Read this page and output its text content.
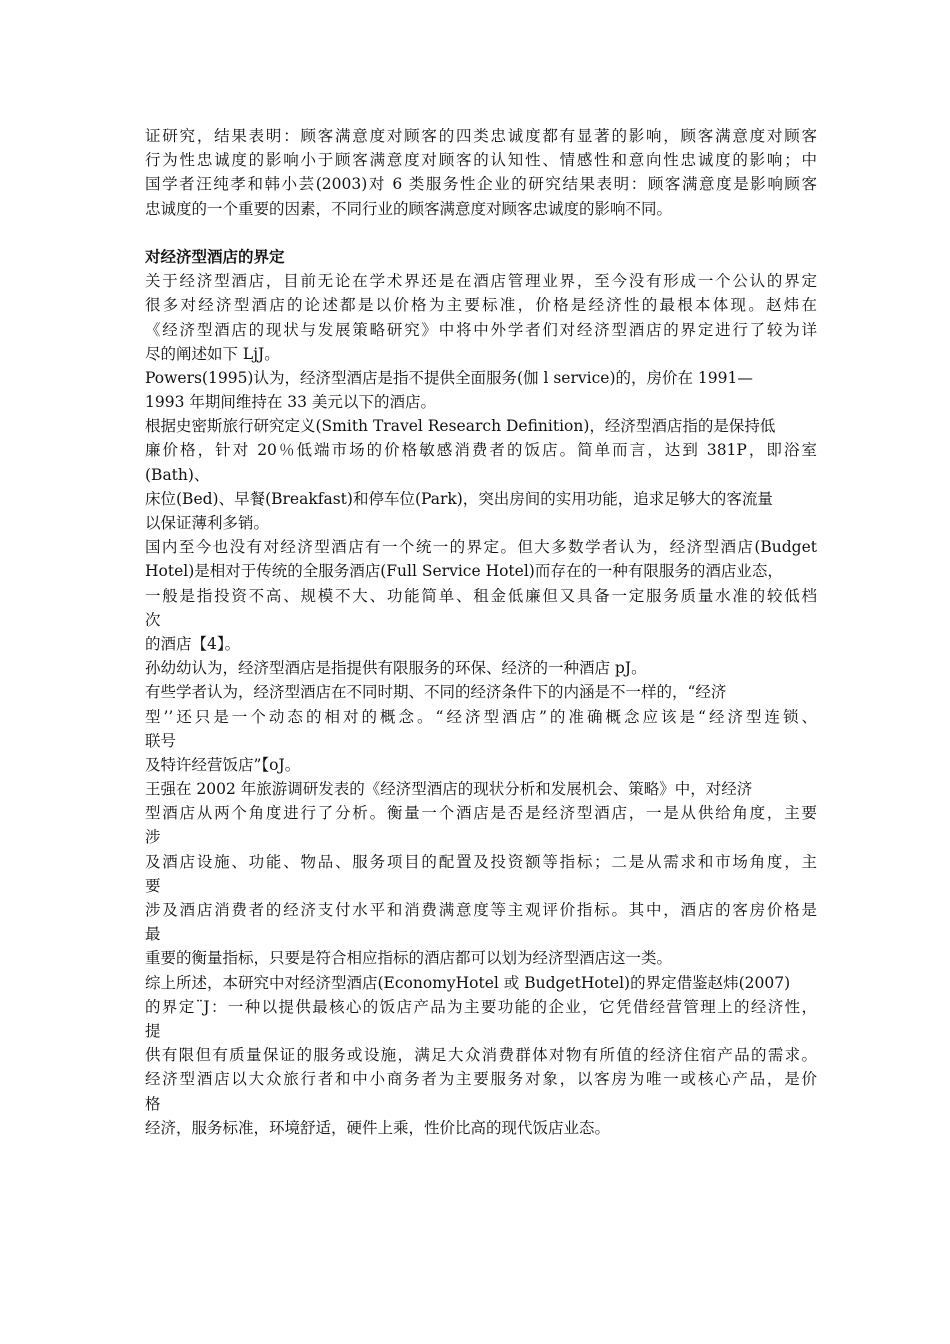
证研究，结果表明：顾客满意度对顾客的四类忠诚度都有显著的影响，顾客满意度对顾客

行为性忠诚度的影响小于顾客满意度对顾客的认知性、情感性和意向性忠诚度的影响；中

国学者汪纯孝和韩小芸(2003)对 6 类服务性企业的研究结果表明：顾客满意度是影响顾客

忠诚度的一个重要的因素，不同行业的顾客满意度对顾客忠诚度的影响不同。

对经济型酒店的界定

关于经济型酒店，目前无论在学术界还是在酒店管理业界，至今没有形成一个公认的界定

很多对经济型酒店的论述都是以价格为主要标准，价格是经济性的最根本体现。赵炜在

《经济型酒店的现状与发展策略研究》中将中外学者们对经济型酒店的界定进行了较为详

尽的阐述如下 LjJ。

Powers(1995)认为，经济型酒店是指不提供全面服务(伽 l service)的，房价在 1991—

1993 年期间维持在 33 美元以下的酒店。

根据史密斯旅行研究定义(Smith Travel Research Definition)，经济型酒店指的是保持低

廉价格，针对 20％低端市场的价格敏感消费者的饭店。简单而言，达到 381P，即浴室

(Bath)、

床位(Bed)、早餐(Breakfast)和停车位(Park)，突出房间的实用功能，追求足够大的客流量

以保证薄利多销。

国内至今也没有对经济型酒店有一个统一的界定。但大多数学者认为，经济型酒店(Budget

Hotel)是相对于传统的全服务酒店(Full Service Hotel)而存在的一种有限服务的酒店业态，

一般是指投资不高、规模不大、功能简单、租金低廉但又具备一定服务质量水准的较低档

次

的酒店【4】。

孙幼幼认为，经济型酒店是指提供有限服务的环保、经济的一种酒店 pJ。

有些学者认为，经济型酒店在不同时期、不同的经济条件下的内涵是不一样的，“经济

型’’还只是一个动态的相对的概念。“经济型酒店”的准确概念应该是“经济型连锁、

联号

及特许经营饭店”【oJ。

王强在 2002 年旅游调研发表的《经济型酒店的现状分析和发展机会、策略》中，对经济

型酒店从两个角度进行了分析。衡量一个酒店是否是经济型酒店，一是从供给角度，主要

涉

及酒店设施、功能、物品、服务项目的配置及投资额等指标；二是从需求和市场角度，主

要

涉及酒店消费者的经济支付水平和消费满意度等主观评价指标。其中，酒店的客房价格是

最

重要的衡量指标，只要是符合相应指标的酒店都可以划为经济型酒店这一类。

综上所述，本研究中对经济型酒店(EconomyHotel 或 BudgetHotel)的界定借鉴赵炜(2007)

的界定¨J：一种以提供最核心的饭店产品为主要功能的企业，它凭借经营管理上的经济性，

提

供有限但有质量保证的服务或设施，满足大众消费群体对物有所值的经济住宿产品的需求。

经济型酒店以大众旅行者和中小商务者为主要服务对象，以客房为唯一或核心产品，是价

格

经济，服务标准，环境舒适，硬件上乘，性价比高的现代饭店业态。
